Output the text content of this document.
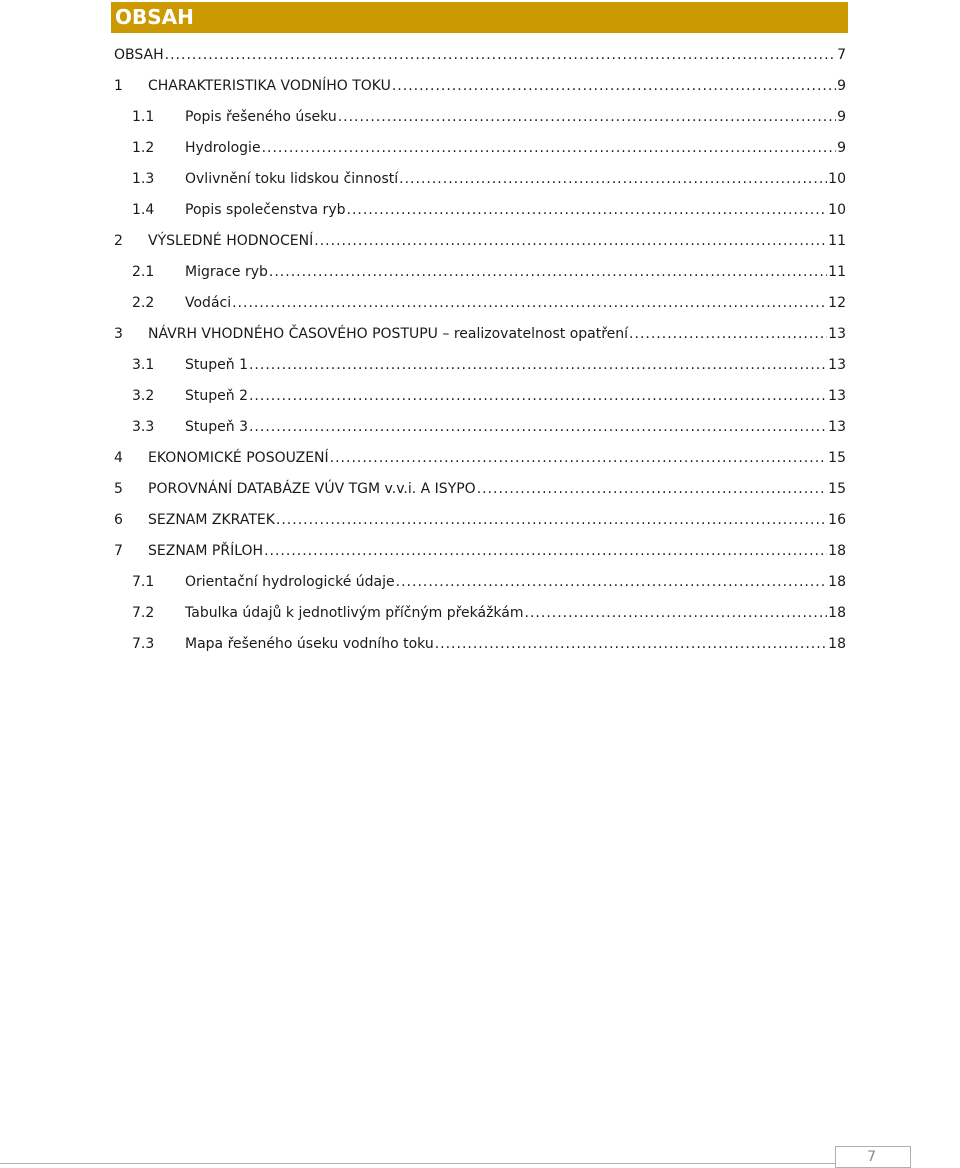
OBSAH
OBSAH .....	7
1	CHARAKTERISTIKA VODNÍHO TOKU .....	9
1.1	Popis řešeného úseku .....	9
1.2	Hydrologie .....	9
1.3	Ovlivnění toku lidskou činností .....	10
1.4	Popis společenstva ryb .....	10
2	VÝSLEDNÉ HODNOCENÍ .....	11
2.1	Migrace ryb .....	11
2.2	Vodáci .....	12
3	NÁVRH VHODNÉHO ČASOVÉHO POSTUPU – realizovatelnost opatření .....	13
3.1	Stupeň 1 .....	13
3.2	Stupeň 2 .....	13
3.3	Stupeň 3 .....	13
4	EKONOMICKÉ POSOUZENÍ .....	15
5	POROVNÁNÍ DATABÁZE VÚV TGM v.v.i. A ISYPO .....	15
6	SEZNAM ZKRATEK .....	16
7	SEZNAM PŘÍLOH .....	18
7.1	Orientační hydrologické údaje .....	18
7.2	Tabulka údajů k jednotlivým příčným překážkám .....	18
7.3	Mapa řešeného úseku vodního toku .....	18
7
